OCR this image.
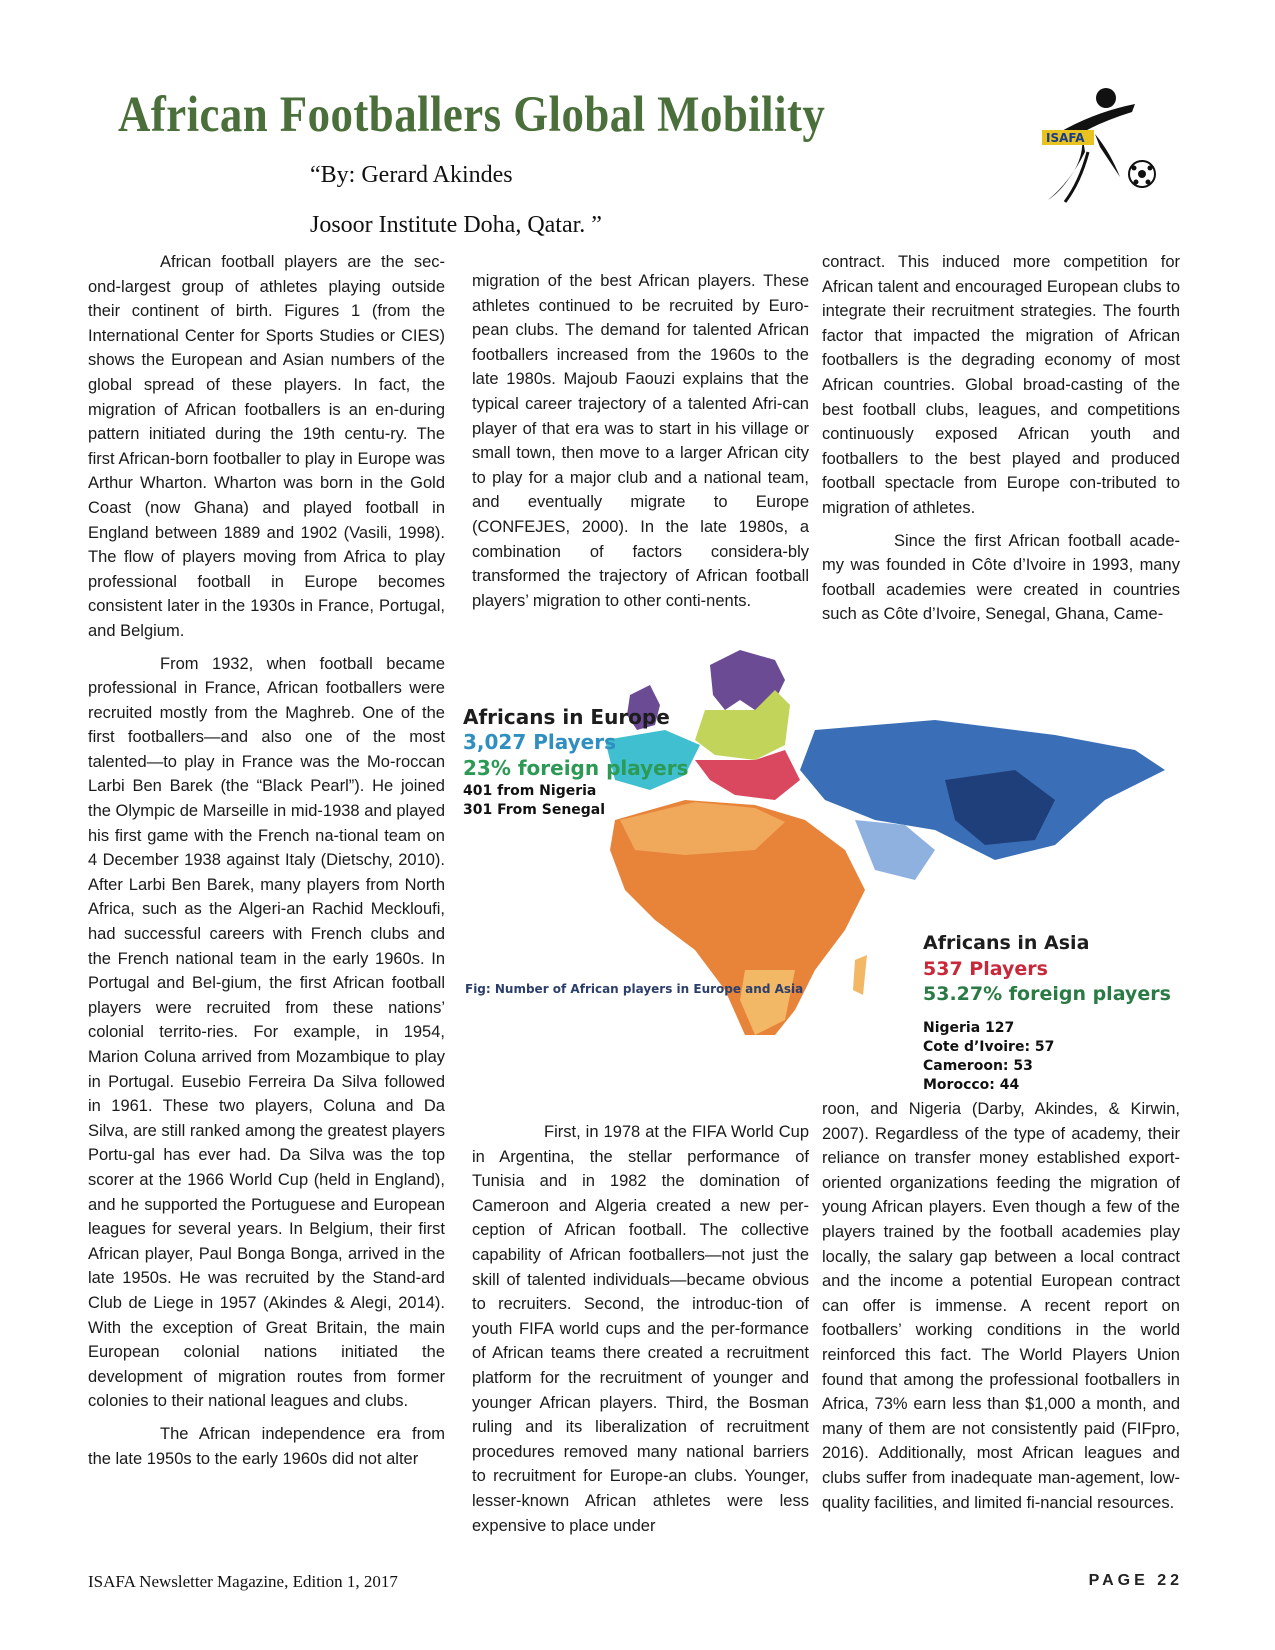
African Footballers Global Mobility
“By: Gerard Akindes
Josoor Institute Doha, Qatar. ”
ISAFA

African football players are the sec-ond-largest group of athletes playing outside their continent of birth. Figures 1 (from the International Center for Sports Studies or CIES) shows the European and Asian numbers of the global spread of these players. In fact, the migration of African footballers is an en-during pattern initiated during the 19th centu-ry. The first African-born footballer to play in Europe was Arthur Wharton. Wharton was born in the Gold Coast (now Ghana) and played football in England between 1889 and 1902 (Vasili, 1998). The flow of players moving from Africa to play professional football in Europe becomes consistent later in the 1930s in France, Portugal, and Belgium.

From 1932, when football became professional in France, African footballers were recruited mostly from the Maghreb. One of the first footballers—and also one of the most talented—to play in France was the Mo-roccan Larbi Ben Barek (the “Black Pearl”). He joined the Olympic de Marseille in mid-1938 and played his first game with the French na-tional team on 4 December 1938 against Italy (Dietschy, 2010). After Larbi Ben Barek, many players from North Africa, such as the Algeri-an Rachid Meckloufi, had successful careers with French clubs and the French national team in the early 1960s. In Portugal and Bel-gium, the first African football players were recruited from these nations’ colonial territo-ries. For example, in 1954, Marion Coluna arrived from Mozambique to play in Portugal. Eusebio Ferreira Da Silva followed in 1961. These two players, Coluna and Da Silva, are still ranked among the greatest players Portu-gal has ever had. Da Silva was the top scorer at the 1966 World Cup (held in England), and he supported the Portuguese and European leagues for several years. In Belgium, their first African player, Paul Bonga Bonga, arrived in the late 1950s. He was recruited by the Stand-ard Club de Liege in 1957 (Akindes & Alegi, 2014). With the exception of Great Britain, the main European colonial nations initiated the development of migration routes from former colonies to their national leagues and clubs.

The African independence era from the late 1950s to the early 1960s did not alter

migration of the best African players. These athletes continued to be recruited by Euro-pean clubs. The demand for talented African footballers increased from the 1960s to the late 1980s. Majoub Faouzi explains that the typical career trajectory of a talented Afri-can player of that era was to start in his village or small town, then move to a larger African city to play for a major club and a national team, and eventually migrate to Europe (CONFEJES, 2000). In the late 1980s, a combination of factors considera-bly transformed the trajectory of African football players’ migration to other conti-nents.

contract. This induced more competition for African talent and encouraged European clubs to integrate their recruitment strategies. The fourth factor that impacted the migration of African footballers is the degrading economy of most African countries. Global broad-casting of the best football clubs, leagues, and competitions continuously exposed African youth and footballers to the best played and produced football spectacle from Europe con-tributed to migration of athletes.

Since the first African football acade-my was founded in Côte d’Ivoire in 1993, many football academies were created in countries such as Côte d’Ivoire, Senegal, Ghana, Came-

Africans in Europe
3,027 Players
23% foreign players
401 from Nigeria
301 From Senegal
Fig: Number of African players in Europe and Asia
Africans in Asia
537 Players
53.27% foreign players
Nigeria 127
Cote d’Ivoire: 57
Cameroon: 53
Morocco: 44

First, in 1978 at the FIFA World Cup in Argentina, the stellar performance of Tunisia and in 1982 the domination of Cameroon and Algeria created a new per-ception of African football. The collective capability of African footballers—not just the skill of talented individuals—became obvious to recruiters. Second, the introduc-tion of youth FIFA world cups and the per-formance of African teams there created a recruitment platform for the recruitment of younger and younger African players. Third, the Bosman ruling and its liberalization of recruitment procedures removed many national barriers to recruitment for Europe-an clubs. Younger, lesser-known African athletes were less expensive to place under

roon, and Nigeria (Darby, Akindes, & Kirwin, 2007). Regardless of the type of academy, their reliance on transfer money established export-oriented organizations feeding the migration of young African players. Even though a few of the players trained by the football academies play locally, the salary gap between a local contract and the income a potential European contract can offer is immense. A recent report on footballers’ working conditions in the world reinforced this fact. The World Players Union found that among the professional footballers in Africa, 73% earn less than $1,000 a month, and many of them are not consistently paid (FIFpro, 2016). Additionally, most African leagues and clubs suffer from inadequate man-agement, low-quality facilities, and limited fi-nancial resources.

ISAFA Newsletter Magazine, Edition 1, 2017	PAGE 22
